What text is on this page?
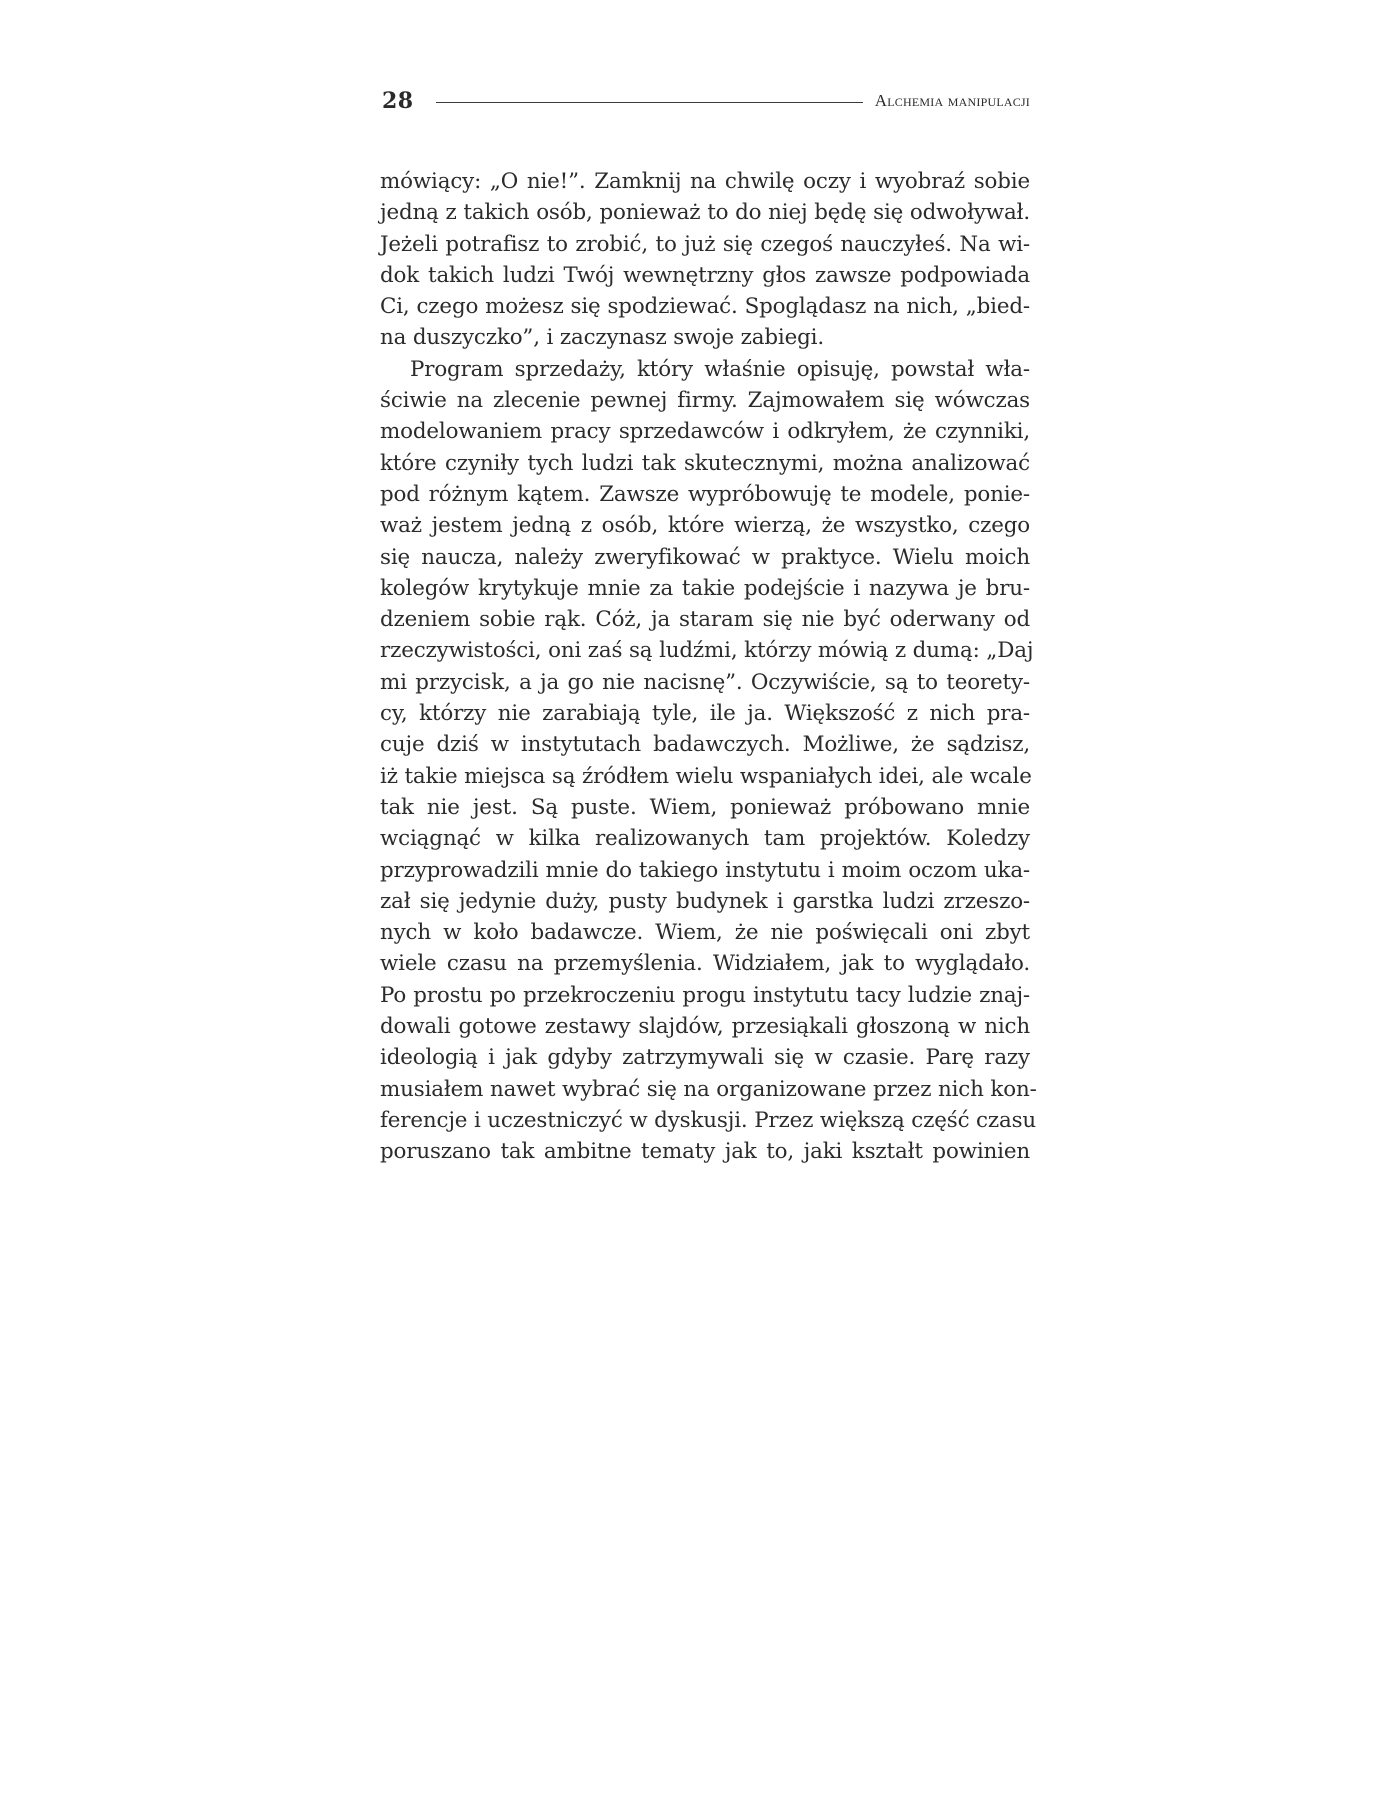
28	alchemia manipulacji
mówiący: „O nie!”. Zamknij na chwilę oczy i wyobraź sobie
jedną z takich osób, ponieważ to do niej będę się odwoływał.
Jeżeli potrafisz to zrobić, to już się czegoś nauczyłeś. Na wi-
dok takich ludzi Twój wewnętrzny głos zawsze podpowiada
Ci, czego możesz się spodziewać. Spoglądasz na nich, „bied-
na duszyczko”, i zaczynasz swoje zabiegi.
Program sprzedaży, który właśnie opisuję, powstał wła-
ściwie na zlecenie pewnej firmy. Zajmowałem się wówczas
modelowaniem pracy sprzedawców i odkryłem, że czynniki,
które czyniły tych ludzi tak skutecznymi, można analizować
pod różnym kątem. Zawsze wypróbowuję te modele, ponie-
waż jestem jedną z osób, które wierzą, że wszystko, czego
się naucza, należy zweryfikować w praktyce. Wielu moich
kolegów krytykuje mnie za takie podejście i nazywa je bru-
dzeniem sobie rąk. Cóż, ja staram się nie być oderwany od
rzeczywistości, oni zaś są ludźmi, którzy mówią z dumą: „Daj
mi przycisk, a ja go nie nacisnę”. Oczywiście, są to teorety-
cy, którzy nie zarabiają tyle, ile ja. Większość z nich pra-
cuje dziś w instytutach badawczych. Możliwe, że sądzisz,
iż takie miejsca są źródłem wielu wspaniałych idei, ale wcale
tak nie jest. Są puste. Wiem, ponieważ próbowano mnie
wciągnąć w kilka realizowanych tam projektów. Koledzy
przyprowadzili mnie do takiego instytutu i moim oczom uka-
zał się jedynie duży, pusty budynek i garstka ludzi zrzeszo-
nych w koło badawcze. Wiem, że nie poświęcali oni zbyt
wiele czasu na przemyślenia. Widziałem, jak to wyglądało.
Po prostu po przekroczeniu progu instytutu tacy ludzie znaj-
dowali gotowe zestawy slajdów, przesiąkali głoszoną w nich
ideologią i jak gdyby zatrzymywali się w czasie. Parę razy
musiałem nawet wybrać się na organizowane przez nich kon-
ferencje i uczestniczyć w dyskusji. Przez większą część czasu
poruszano tak ambitne tematy jak to, jaki kształt powinien
